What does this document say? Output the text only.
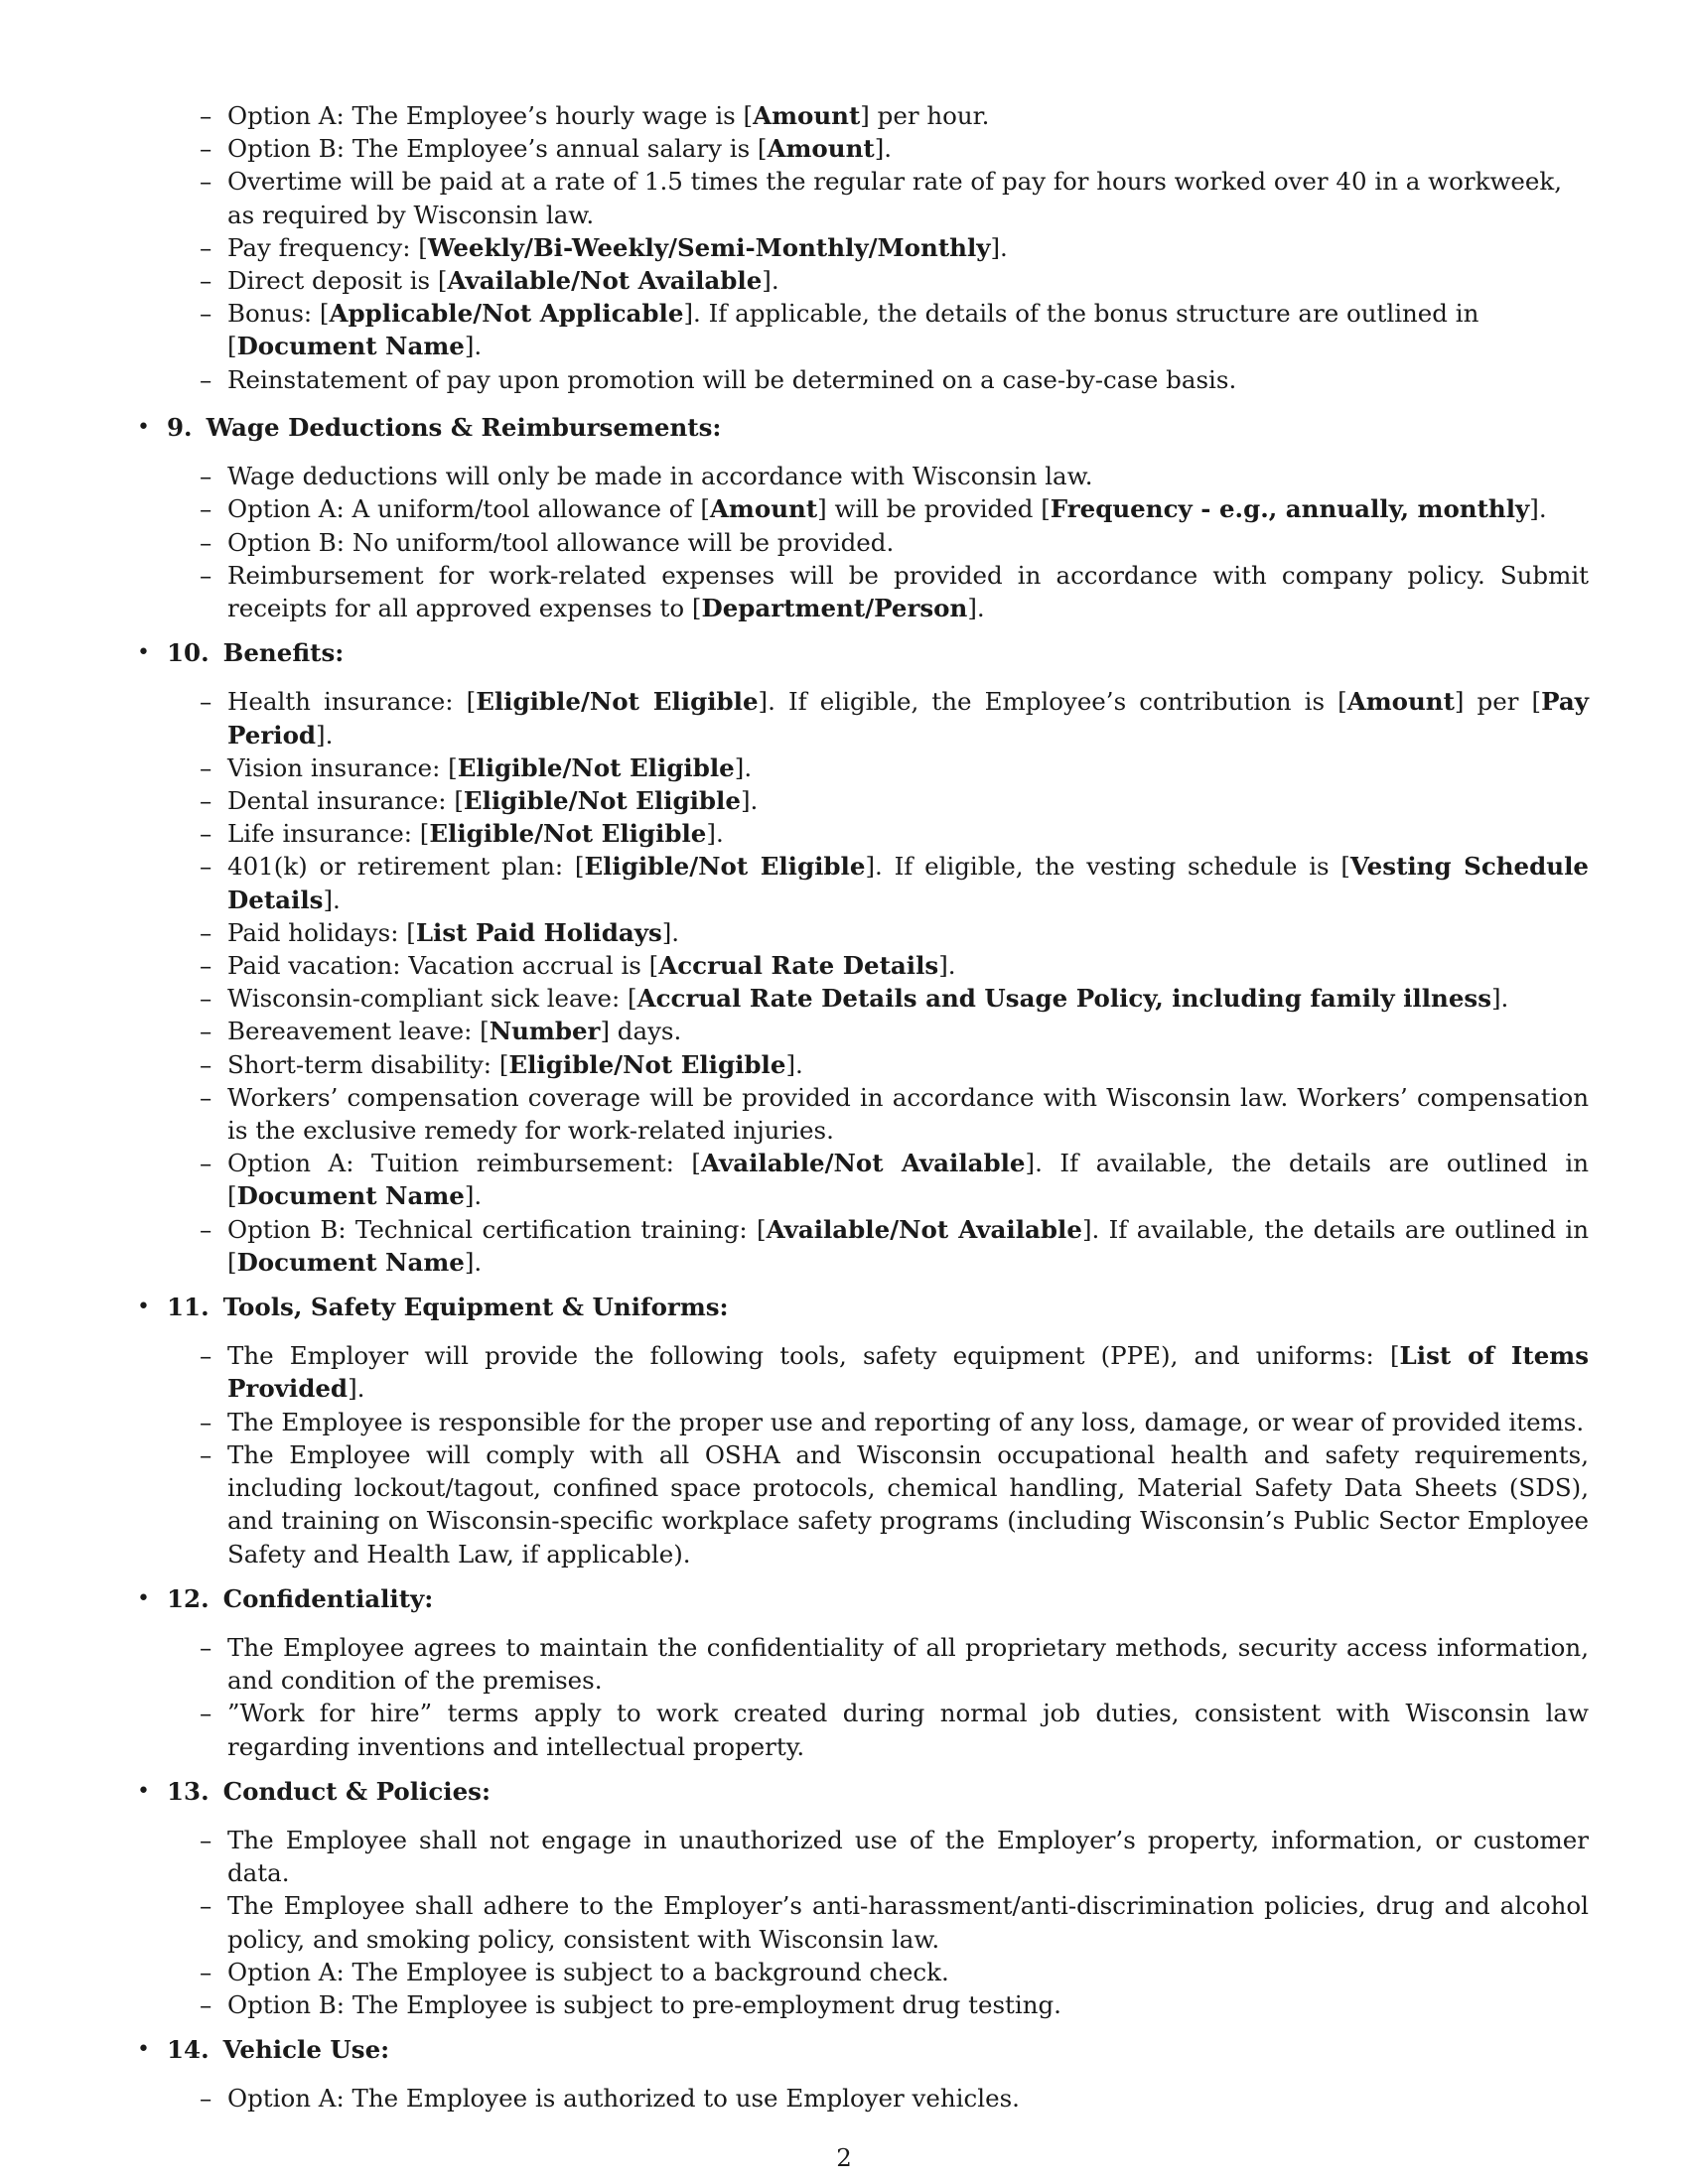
– Option A: The Employee’s hourly wage is [Amount] per hour.
– Option B: The Employee’s annual salary is [Amount].
– Overtime will be paid at a rate of 1.5 times the regular rate of pay for hours worked over 40 in a workweek, as required by Wisconsin law.
– Pay frequency: [Weekly/Bi-Weekly/Semi-Monthly/Monthly].
– Direct deposit is [Available/Not Available].
– Bonus: [Applicable/Not Applicable]. If applicable, the details of the bonus structure are outlined in [Document Name].
– Reinstatement of pay upon promotion will be determined on a case-by-case basis.
• 9. Wage Deductions & Reimbursements:
– Wage deductions will only be made in accordance with Wisconsin law.
– Option A: A uniform/tool allowance of [Amount] will be provided [Frequency - e.g., annually, monthly].
– Option B: No uniform/tool allowance will be provided.
– Reimbursement for work-related expenses will be provided in accordance with company policy. Submit receipts for all approved expenses to [Department/Person].
• 10. Benefits:
– Health insurance: [Eligible/Not Eligible]. If eligible, the Employee’s contribution is [Amount] per [Pay Period].
– Vision insurance: [Eligible/Not Eligible].
– Dental insurance: [Eligible/Not Eligible].
– Life insurance: [Eligible/Not Eligible].
– 401(k) or retirement plan: [Eligible/Not Eligible]. If eligible, the vesting schedule is [Vesting Schedule Details].
– Paid holidays: [List Paid Holidays].
– Paid vacation: Vacation accrual is [Accrual Rate Details].
– Wisconsin-compliant sick leave: [Accrual Rate Details and Usage Policy, including family illness].
– Bereavement leave: [Number] days.
– Short-term disability: [Eligible/Not Eligible].
– Workers’ compensation coverage will be provided in accordance with Wisconsin law. Workers’ compensation is the exclusive remedy for work-related injuries.
– Option A: Tuition reimbursement: [Available/Not Available]. If available, the details are outlined in [Document Name].
– Option B: Technical certification training: [Available/Not Available]. If available, the details are outlined in [Document Name].
• 11. Tools, Safety Equipment & Uniforms:
– The Employer will provide the following tools, safety equipment (PPE), and uniforms: [List of Items Provided].
– The Employee is responsible for the proper use and reporting of any loss, damage, or wear of provided items.
– The Employee will comply with all OSHA and Wisconsin occupational health and safety requirements, including lockout/tagout, confined space protocols, chemical handling, Material Safety Data Sheets (SDS), and training on Wisconsin-specific workplace safety programs (including Wisconsin’s Public Sector Employee Safety and Health Law, if applicable).
• 12. Confidentiality:
– The Employee agrees to maintain the confidentiality of all proprietary methods, security access information, and condition of the premises.
– ”Work for hire” terms apply to work created during normal job duties, consistent with Wisconsin law regarding inventions and intellectual property.
• 13. Conduct & Policies:
– The Employee shall not engage in unauthorized use of the Employer’s property, information, or customer data.
– The Employee shall adhere to the Employer’s anti-harassment/anti-discrimination policies, drug and alcohol policy, and smoking policy, consistent with Wisconsin law.
– Option A: The Employee is subject to a background check.
– Option B: The Employee is subject to pre-employment drug testing.
• 14. Vehicle Use:
– Option A: The Employee is authorized to use Employer vehicles.
2
